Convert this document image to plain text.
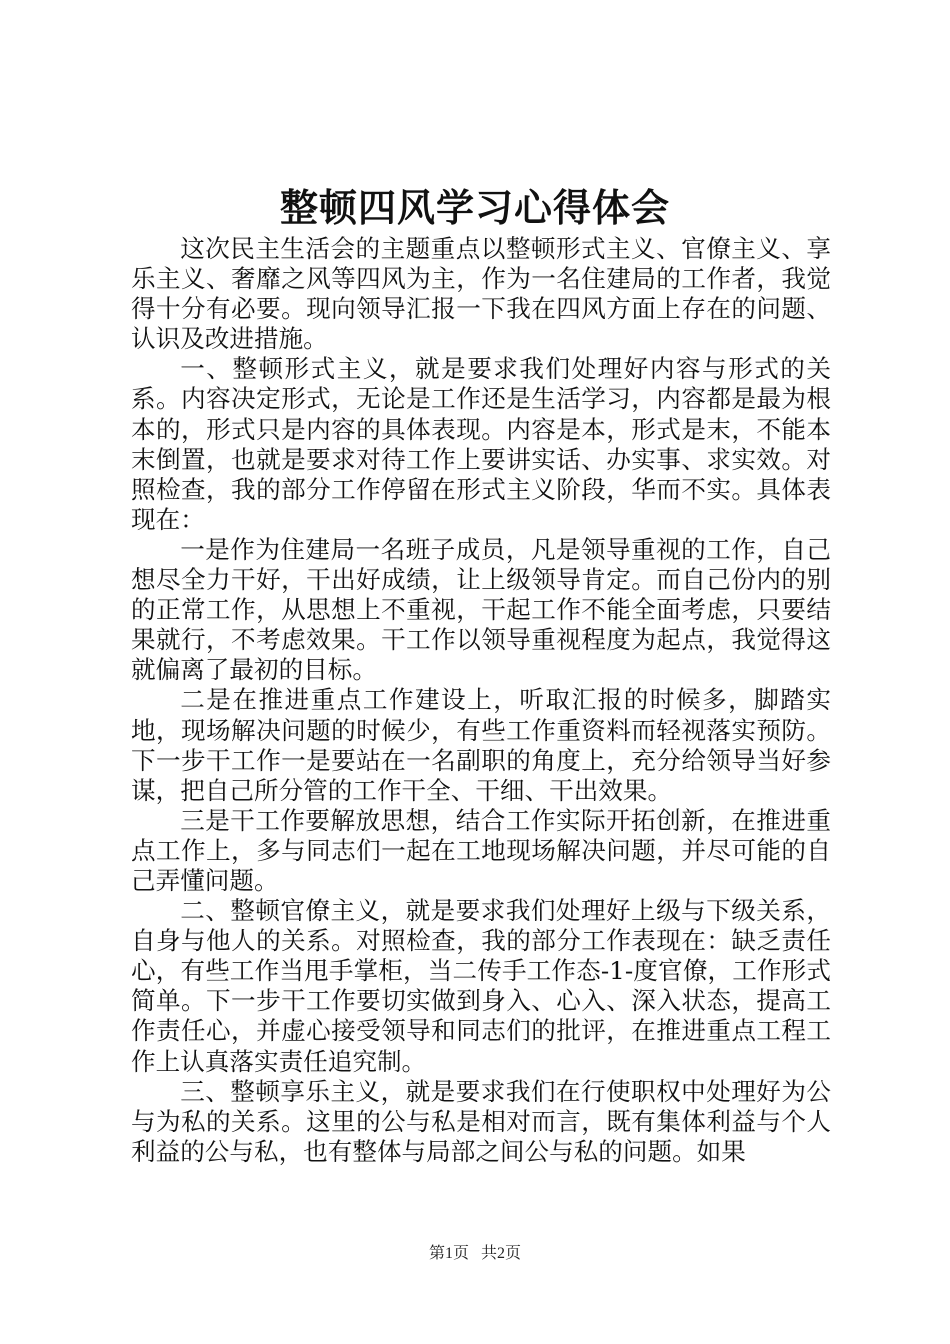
整顿四风学习心得体会

这次民主生活会的主题重点以整顿形式主义、官僚主义、享乐主义、奢靡之风等四风为主，作为一名住建局的工作者，我觉得十分有必要。现向领导汇报一下我在四风方面上存在的问题、认识及改进措施。

一、整顿形式主义，就是要求我们处理好内容与形式的关系。内容决定形式，无论是工作还是生活学习，内容都是最为根本的，形式只是内容的具体表现。内容是本，形式是末，不能本末倒置，也就是要求对待工作上要讲实话、办实事、求实效。对照检查，我的部分工作停留在形式主义阶段，华而不实。具体表现在：

一是作为住建局一名班子成员，凡是领导重视的工作，自己想尽全力干好，干出好成绩，让上级领导肯定。而自己份内的别的正常工作，从思想上不重视，干起工作不能全面考虑，只要结果就行，不考虑效果。干工作以领导重视程度为起点，我觉得这就偏离了最初的目标。

二是在推进重点工作建设上，听取汇报的时候多，脚踏实地，现场解决问题的时候少，有些工作重资料而轻视落实预防。下一步干工作一是要站在一名副职的角度上，充分给领导当好参谋，把自己所分管的工作干全、干细、干出效果。

三是干工作要解放思想，结合工作实际开拓创新，在推进重点工作上，多与同志们一起在工地现场解决问题，并尽可能的自己弄懂问题。

二、整顿官僚主义，就是要求我们处理好上级与下级关系，自身与他人的关系。对照检查，我的部分工作表现在：缺乏责任心，有些工作当甩手掌柜，当二传手工作态-1-度官僚，工作形式简单。下一步干工作要切实做到身入、心入、深入状态，提高工作责任心，并虚心接受领导和同志们的批评，在推进重点工程工作上认真落实责任追究制。

三、整顿享乐主义，就是要求我们在行使职权中处理好为公与为私的关系。这里的公与私是相对而言，既有集体利益与个人利益的公与私，也有整体与局部之间公与私的问题。如果

第1页 共2页
